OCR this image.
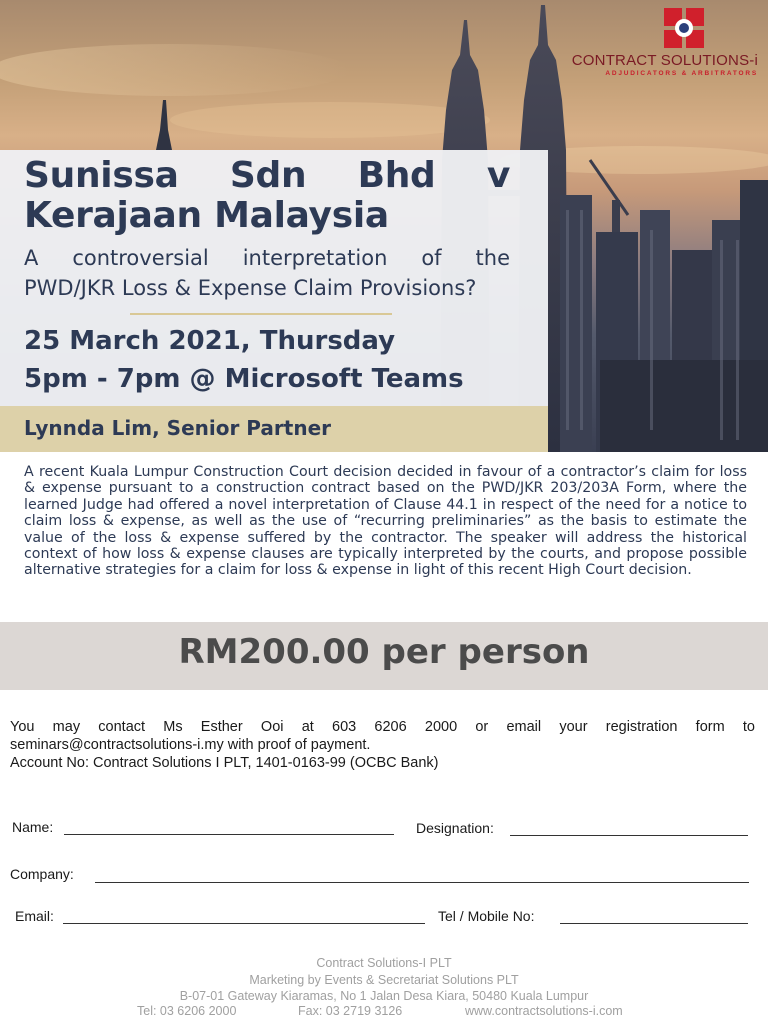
CONTRACT SOLUTIONS-i
ADJUDICATORS & ARBITRATORS
Sunissa Sdn Bhd v
Kerajaan Malaysia
A controversial interpretation of the
PWD/JKR Loss & Expense Claim Provisions?
25 March 2021, Thursday
5pm - 7pm @ Microsoft Teams
Lynnda Lim, Senior Partner
A recent Kuala Lumpur Construction Court decision decided in favour of a contractor’s claim for loss & expense pursuant to a construction contract based on the PWD/JKR 203/203A Form, where the learned Judge had offered a novel interpretation of Clause 44.1 in respect of the need for a notice to claim loss & expense, as well as the use of “recurring preliminaries” as the basis to estimate the value of the loss & expense suffered by the contractor. The speaker will address the historical context of how loss & expense clauses are typically interpreted by the courts, and propose possible alternative strategies for a claim for loss & expense in light of this recent High Court decision.
RM200.00 per person
You may contact Ms Esther Ooi at 603 6206 2000 or email your registration form to
seminars@contractsolutions-i.my with proof of payment.
Account No: Contract Solutions I PLT, 1401-0163-99 (OCBC Bank)
Name:	Designation:
Company:
Email:	Tel / Mobile No:
Contract Solutions-I PLT
Marketing by Events & Secretariat Solutions PLT
B-07-01 Gateway Kiaramas, No 1 Jalan Desa Kiara, 50480 Kuala Lumpur
Tel: 03 6206 2000	Fax: 03 2719 3126	www.contractsolutions-i.com
